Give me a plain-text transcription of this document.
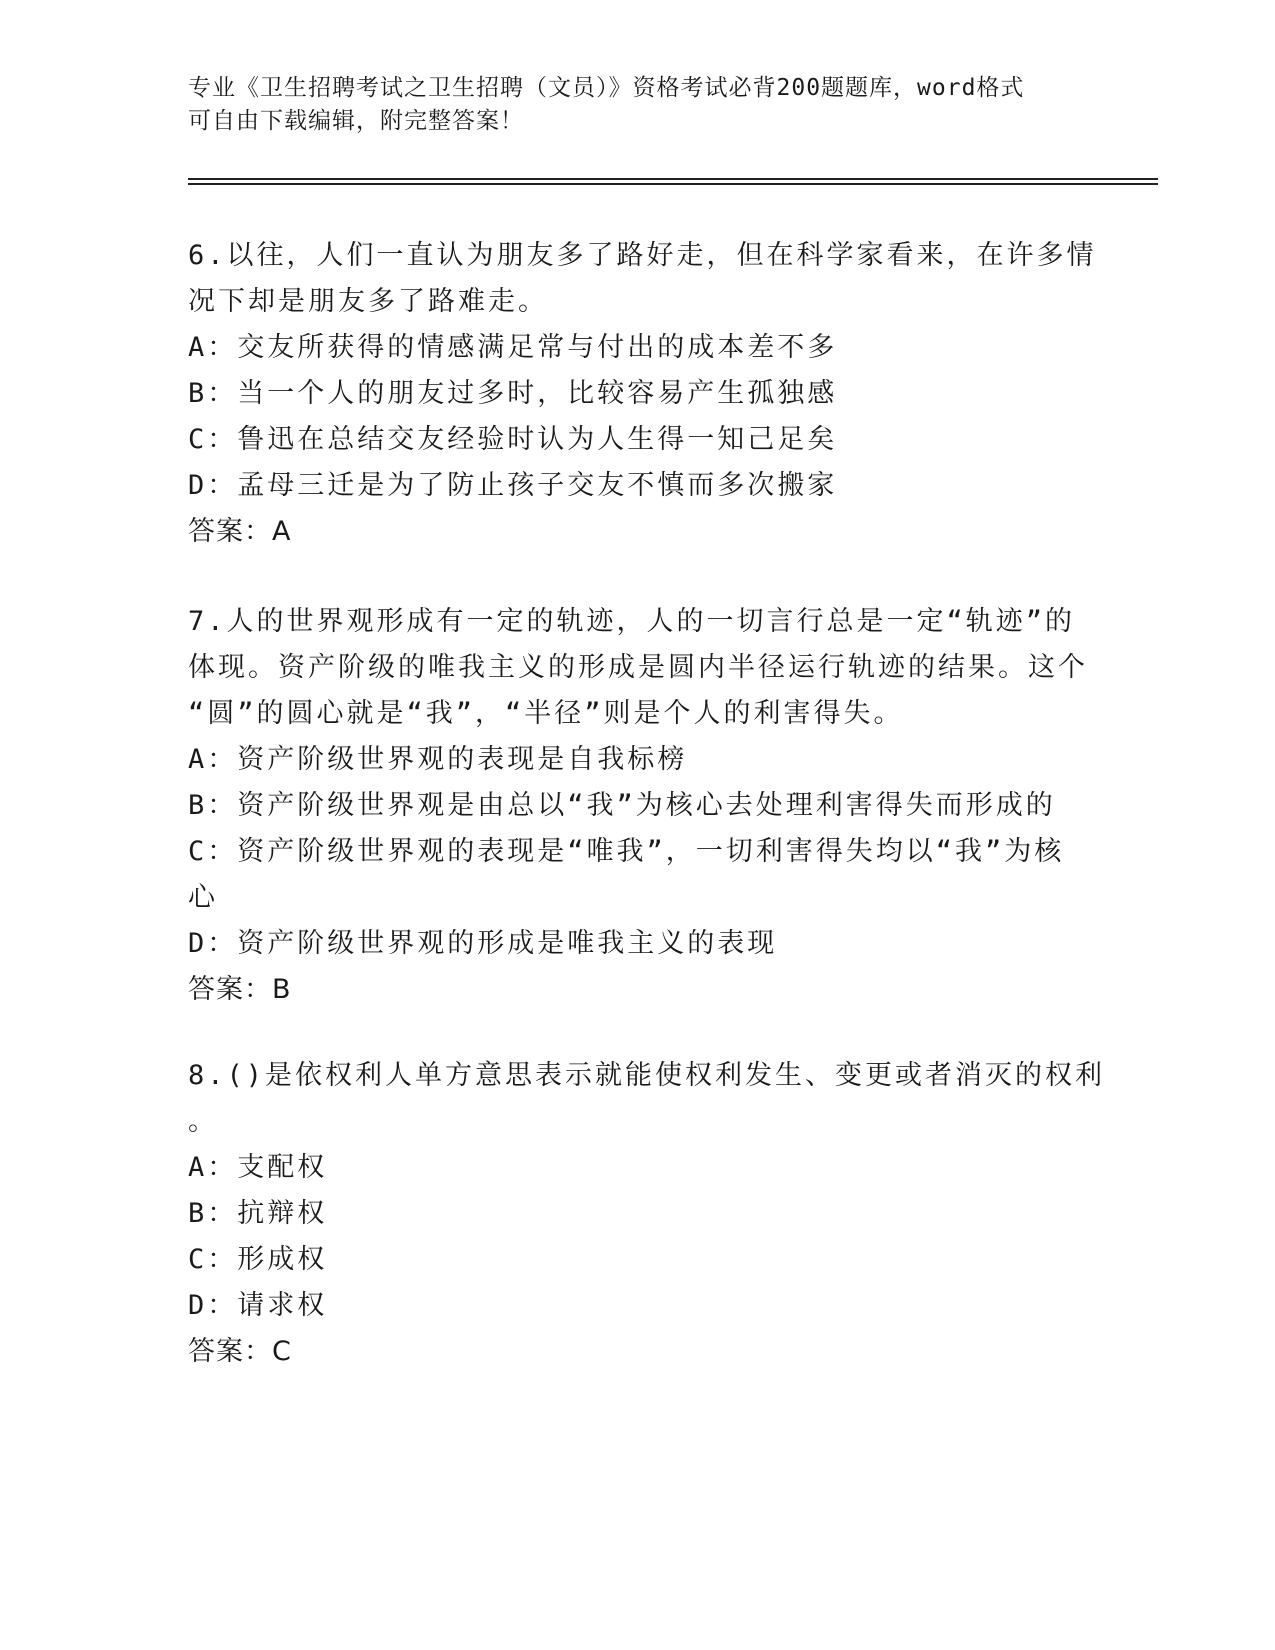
专业《卫生招聘考试之卫生招聘（文员）》资格考试必背200题题库，word格式
可自由下载编辑，附完整答案！
6.以往，人们一直认为朋友多了路好走，但在科学家看来，在许多情
况下却是朋友多了路难走。
A：交友所获得的情感满足常与付出的成本差不多
B：当一个人的朋友过多时，比较容易产生孤独感
C：鲁迅在总结交友经验时认为人生得一知己足矣
D：孟母三迁是为了防止孩子交友不慎而多次搬家
答案：A
7.人的世界观形成有一定的轨迹，人的一切言行总是一定“轨迹”的
体现。资产阶级的唯我主义的形成是圆内半径运行轨迹的结果。这个
“圆”的圆心就是“我”，“半径”则是个人的利害得失。
A：资产阶级世界观的表现是自我标榜
B：资产阶级世界观是由总以“我”为核心去处理利害得失而形成的
C：资产阶级世界观的表现是“唯我”，一切利害得失均以“我”为核
心
D：资产阶级世界观的形成是唯我主义的表现
答案：B
8.()是依权利人单方意思表示就能使权利发生、变更或者消灭的权利
。
A：支配权
B：抗辩权
C：形成权
D：请求权
答案：C
